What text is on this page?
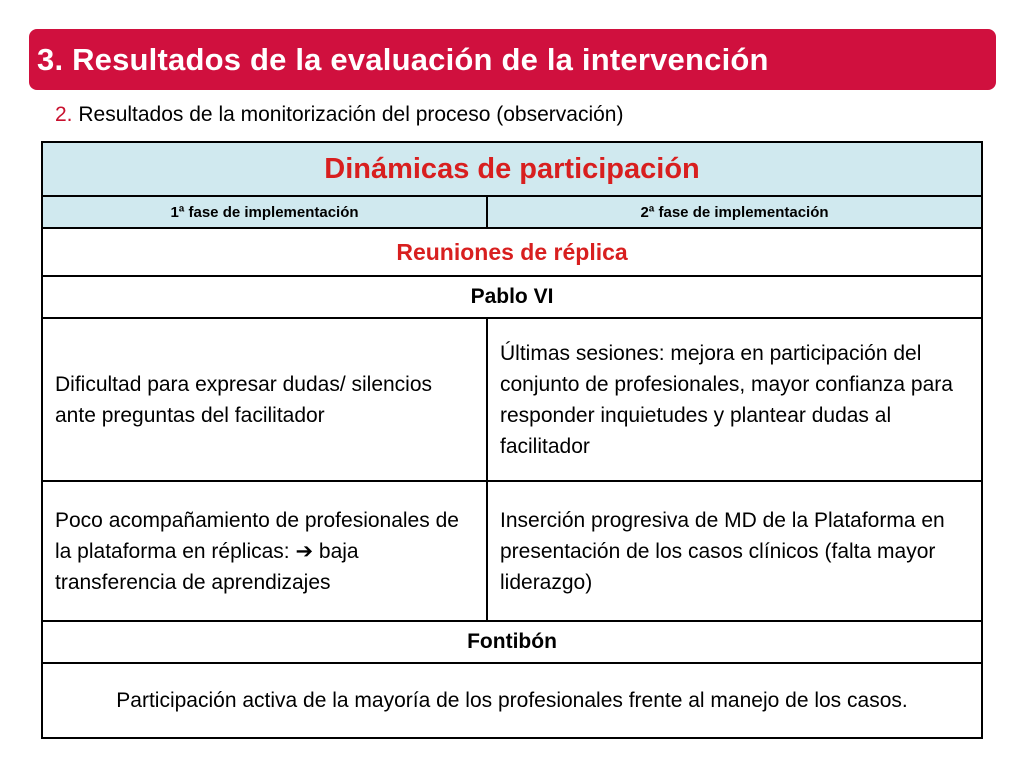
3. Resultados de la evaluación de la intervención
2. Resultados de la monitorización del proceso (observación)
Dinámicas de participación	
1ª fase de implementación	2ª fase de implementación
Reuniones de réplica	
Pablo VI	
Dificultad para expresar dudas/ silencios ante preguntas del facilitador	Últimas sesiones: mejora en participación del conjunto de profesionales, mayor confianza para responder inquietudes y plantear dudas al facilitador
Poco acompañamiento de profesionales de la plataforma en réplicas: ➔ baja transferencia de aprendizajes	Inserción progresiva de MD de la Plataforma en presentación de los casos clínicos (falta mayor liderazgo)
Fontibón	
Participación activa de la mayoría de los profesionales frente al manejo de los casos.	
